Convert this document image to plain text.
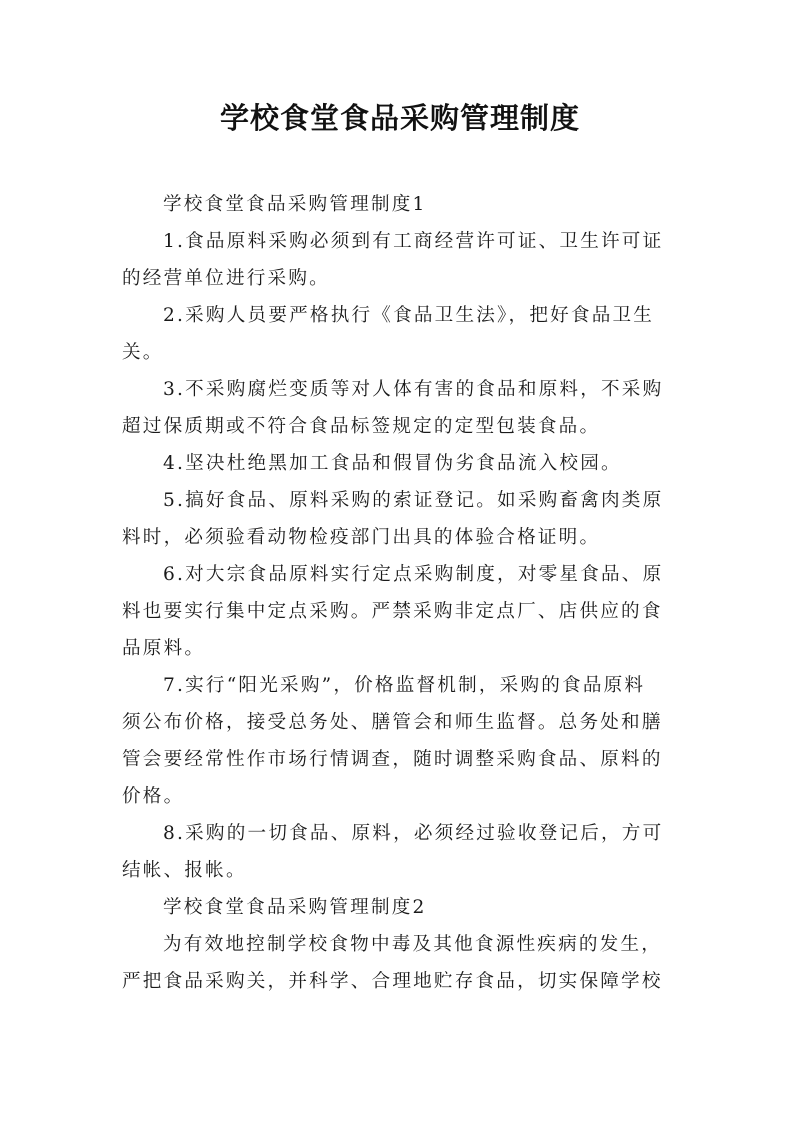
学校食堂食品采购管理制度
学校食堂食品采购管理制度1
1.食品原料采购必须到有工商经营许可证、卫生许可证
的经营单位进行采购。
2.采购人员要严格执行《食品卫生法》，把好食品卫生
关。
3.不采购腐烂变质等对人体有害的食品和原料，不采购
超过保质期或不符合食品标签规定的定型包装食品。
4.坚决杜绝黑加工食品和假冒伪劣食品流入校园。
5.搞好食品、原料采购的索证登记。如采购畜禽肉类原
料时，必须验看动物检疫部门出具的体验合格证明。
6.对大宗食品原料实行定点采购制度，对零星食品、原
料也要实行集中定点采购。严禁采购非定点厂、店供应的食
品原料。
7.实行“阳光采购”，价格监督机制，采购的食品原料
须公布价格，接受总务处、膳管会和师生监督。总务处和膳
管会要经常性作市场行情调查，随时调整采购食品、原料的
价格。
8.采购的一切食品、原料，必须经过验收登记后，方可
结帐、报帐。
学校食堂食品采购管理制度2
为有效地控制学校食物中毒及其他食源性疾病的发生，
严把食品采购关，并科学、合理地贮存食品，切实保障学校
